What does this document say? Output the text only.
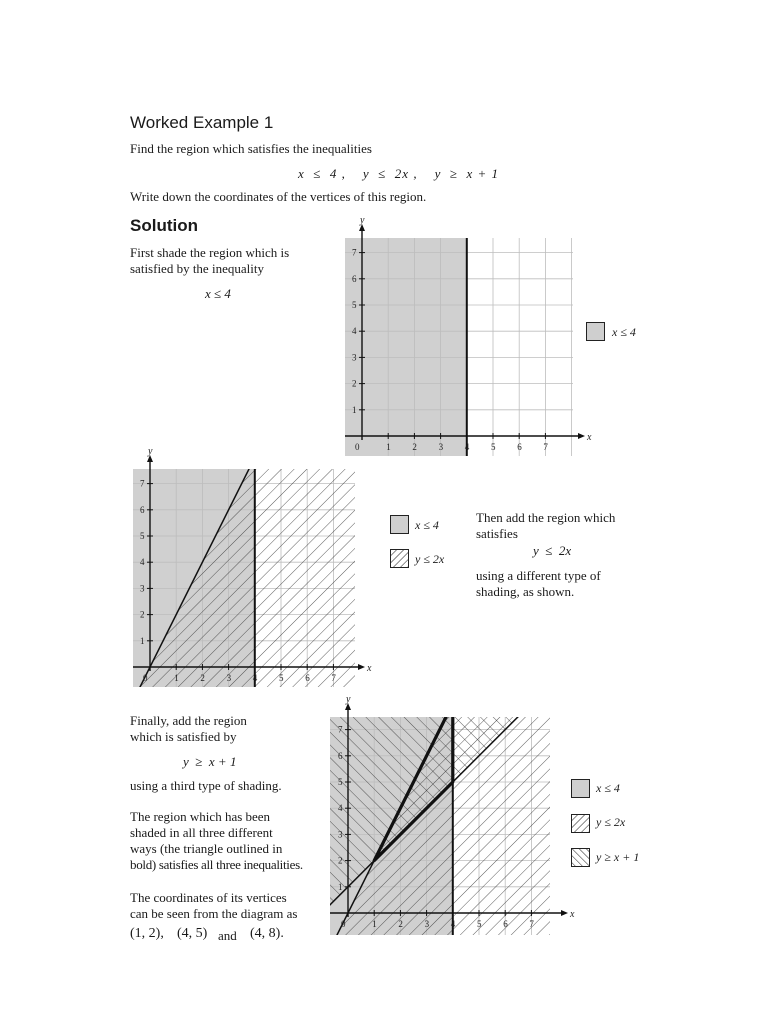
Worked Example 1
Find the region which satisfies the inequalities
x  ≤  4 ,    y  ≤  2x ,    y  ≥  x + 1
Write down the coordinates of the vertices of this region.
Solution
First shade the region which is
satisfied by the inequality
x ≤ 4
Then add the region which
satisfies
y  ≤  2x
using a different type of
shading, as shown.
Finally, add the region
which is satisfied by
y  ≥  x + 1
using a third type of shading.
The region which has been
shaded in all three different
ways (the triangle outlined in
bold) satisfies all three inequalities.
The coordinates of its vertices
can be seen from the diagram as
(1, 2), (4, 5) and (4, 8).
0	1 2 3 4 5 6 7
1
2
3
4
5
6
7
x
y
0	1 2 3 4 5 6 7
1
2
3
4
5
6
7
x
y
0	1 2 3 4 5 6 7
1
2
3
4
5
6
7
x
y
x ≤ 4
x ≤ 4
y ≤ 2x
x ≤ 4
y ≤ 2x
y ≥ x + 1
